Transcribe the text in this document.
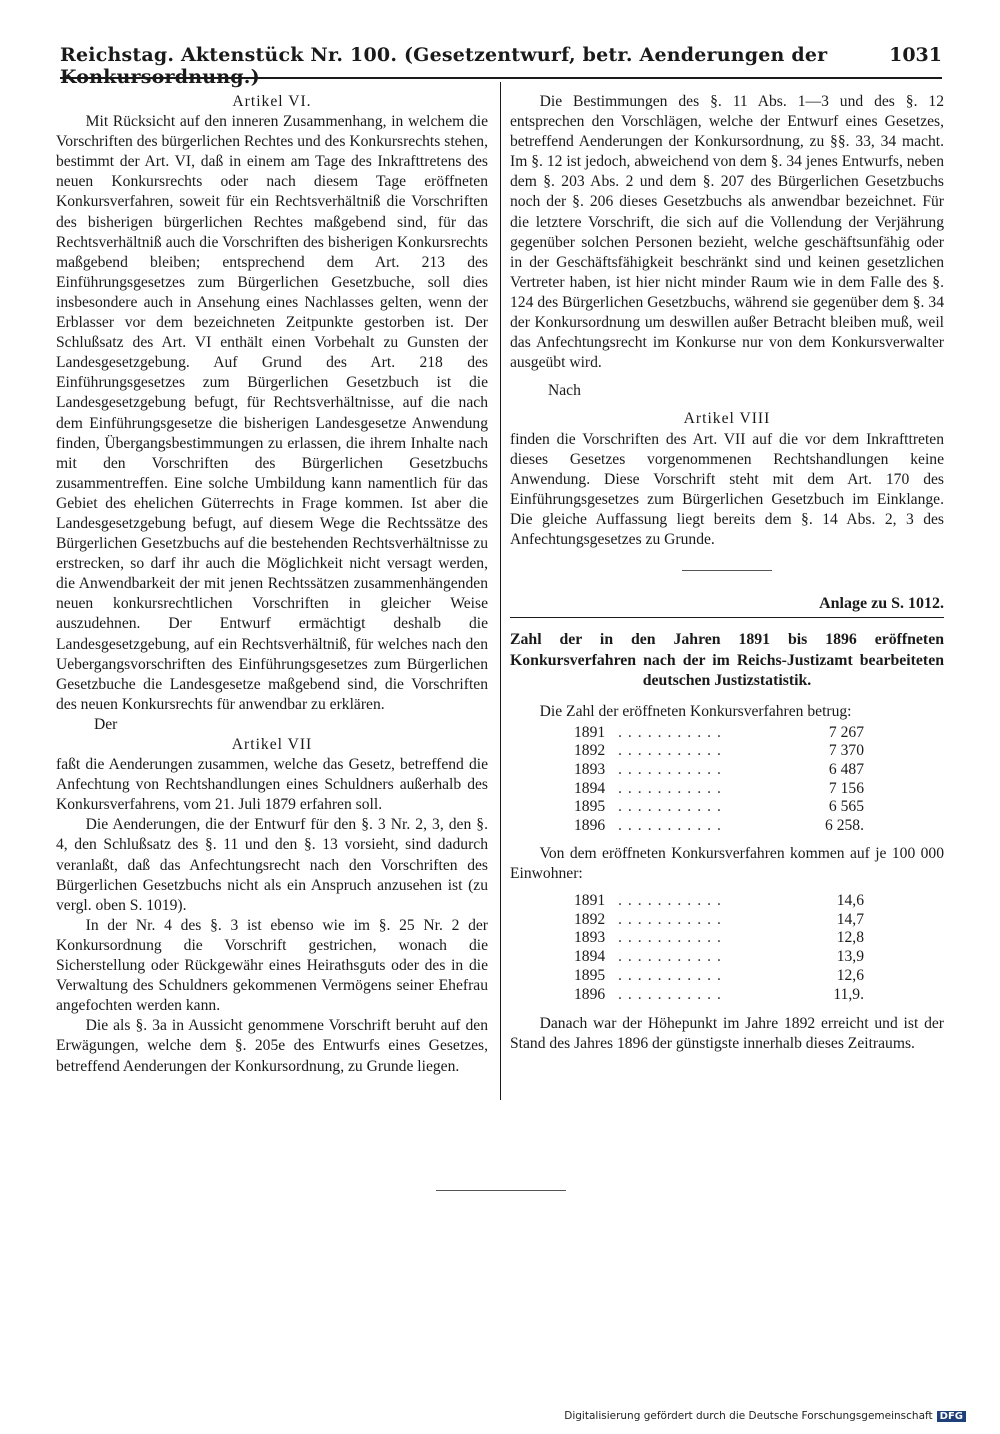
Reichstag. Aktenstück Nr. 100. (Gesetzentwurf, betr. Aenderungen der Konkursordnung.)
1031

Artikel VI.

Mit Rücksicht auf den inneren Zusammenhang, in welchem die Vorschriften des bürgerlichen Rechtes und des Konkursrechts stehen, bestimmt der Art. VI, daß in einem am Tage des Inkrafttretens des neuen Konkursrechts oder nach diesem Tage eröffneten Konkursverfahren, soweit für ein Rechtsverhältniß die Vorschriften des bisherigen bürgerlichen Rechtes maßgebend sind, für das Rechtsverhältniß auch die Vorschriften des bisherigen Konkursrechts maßgebend bleiben; entsprechend dem Art. 213 des Einführungsgesetzes zum Bürgerlichen Gesetzbuche, soll dies insbesondere auch in Ansehung eines Nachlasses gelten, wenn der Erblasser vor dem bezeichneten Zeitpunkte gestorben ist. Der Schlußsatz des Art. VI enthält einen Vorbehalt zu Gunsten der Landesgesetzgebung. Auf Grund des Art. 218 des Einführungsgesetzes zum Bürgerlichen Gesetzbuch ist die Landesgesetzgebung befugt, für Rechtsverhältnisse, auf die nach dem Einführungsgesetze die bisherigen Landesgesetze Anwendung finden, Übergangsbestimmungen zu erlassen, die ihrem Inhalte nach mit den Vorschriften des Bürgerlichen Gesetzbuchs zusammentreffen. Eine solche Umbildung kann namentlich für das Gebiet des ehelichen Güterrechts in Frage kommen. Ist aber die Landesgesetzgebung befugt, auf diesem Wege die Rechtssätze des Bürgerlichen Gesetzbuchs auf die bestehenden Rechtsverhältnisse zu erstrecken, so darf ihr auch die Möglichkeit nicht versagt werden, die Anwendbarkeit der mit jenen Rechtssätzen zusammenhängenden neuen konkursrechtlichen Vorschriften in gleicher Weise auszudehnen. Der Entwurf ermächtigt deshalb die Landesgesetzgebung, auf ein Rechtsverhältniß, für welches nach den Uebergangsvorschriften des Einführungsgesetzes zum Bürgerlichen Gesetzbuche die Landesgesetze maßgebend sind, die Vorschriften des neuen Konkursrechts für anwendbar zu erklären.

Der

Artikel VII

faßt die Aenderungen zusammen, welche das Gesetz, betreffend die Anfechtung von Rechtshandlungen eines Schuldners außerhalb des Konkursverfahrens, vom 21. Juli 1879 erfahren soll.

Die Aenderungen, die der Entwurf für den §. 3 Nr. 2, 3, den §. 4, den Schlußsatz des §. 11 und den §. 13 vorsieht, sind dadurch veranlaßt, daß das Anfechtungsrecht nach den Vorschriften des Bürgerlichen Gesetzbuchs nicht als ein Anspruch anzusehen ist (zu vergl. oben S. 1019).

In der Nr. 4 des §. 3 ist ebenso wie im §. 25 Nr. 2 der Konkursordnung die Vorschrift gestrichen, wonach die Sicherstellung oder Rückgewähr eines Heirathsguts oder des in die Verwaltung des Schuldners gekommenen Vermögens seiner Ehefrau angefochten werden kann.

Die als §. 3a in Aussicht genommene Vorschrift beruht auf den Erwägungen, welche dem §. 205e des Entwurfs eines Gesetzes, betreffend Aenderungen der Konkursordnung, zu Grunde liegen.

Die Bestimmungen des §. 11 Abs. 1—3 und des §. 12 entsprechen den Vorschlägen, welche der Entwurf eines Gesetzes, betreffend Aenderungen der Konkursordnung, zu §§. 33, 34 macht. Im §. 12 ist jedoch, abweichend von dem §. 34 jenes Entwurfs, neben dem §. 203 Abs. 2 und dem §. 207 des Bürgerlichen Gesetzbuchs noch der §. 206 dieses Gesetzbuchs als anwendbar bezeichnet. Für die letztere Vorschrift, die sich auf die Vollendung der Verjährung gegenüber solchen Personen bezieht, welche geschäftsunfähig oder in der Geschäftsfähigkeit beschränkt sind und keinen gesetzlichen Vertreter haben, ist hier nicht minder Raum wie in dem Falle des §. 124 des Bürgerlichen Gesetzbuchs, während sie gegenüber dem §. 34 der Konkursordnung um deswillen außer Betracht bleiben muß, weil das Anfechtungsrecht im Konkurse nur von dem Konkursverwalter ausgeübt wird.

Nach

Artikel VIII

finden die Vorschriften des Art. VII auf die vor dem Inkrafttreten dieses Gesetzes vorgenommenen Rechtshandlungen keine Anwendung. Diese Vorschrift steht mit dem Art. 170 des Einführungsgesetzes zum Bürgerlichen Gesetzbuch im Einklange. Die gleiche Auffassung liegt bereits dem §. 14 Abs. 2, 3 des Anfechtungsgesetzes zu Grunde.

Anlage zu S. 1012.

Zahl der in den Jahren 1891 bis 1896 eröffneten Konkursverfahren nach der im Reichs-Justizamt bearbeiteten deutschen Justizstatistik.

Die Zahl der eröffneten Konkursverfahren betrug:

1891 ...........	7 267
1892 ...........	7 370
1893 ...........	6 487
1894 ...........	7 156
1895 ...........	6 565
1896 ...........	6 258.

Von dem eröffneten Konkursverfahren kommen auf je 100 000 Einwohner:

1891 ...........	14,6
1892 ...........	14,7
1893 ...........	12,8
1894 ...........	13,9
1895 ...........	12,6
1896 ...........	11,9.

Danach war der Höhepunkt im Jahre 1892 erreicht und ist der Stand des Jahres 1896 der günstigste innerhalb dieses Zeitraums.

Digitalisierung gefördert durch die Deutsche Forschungsgemeinschaft DFG
